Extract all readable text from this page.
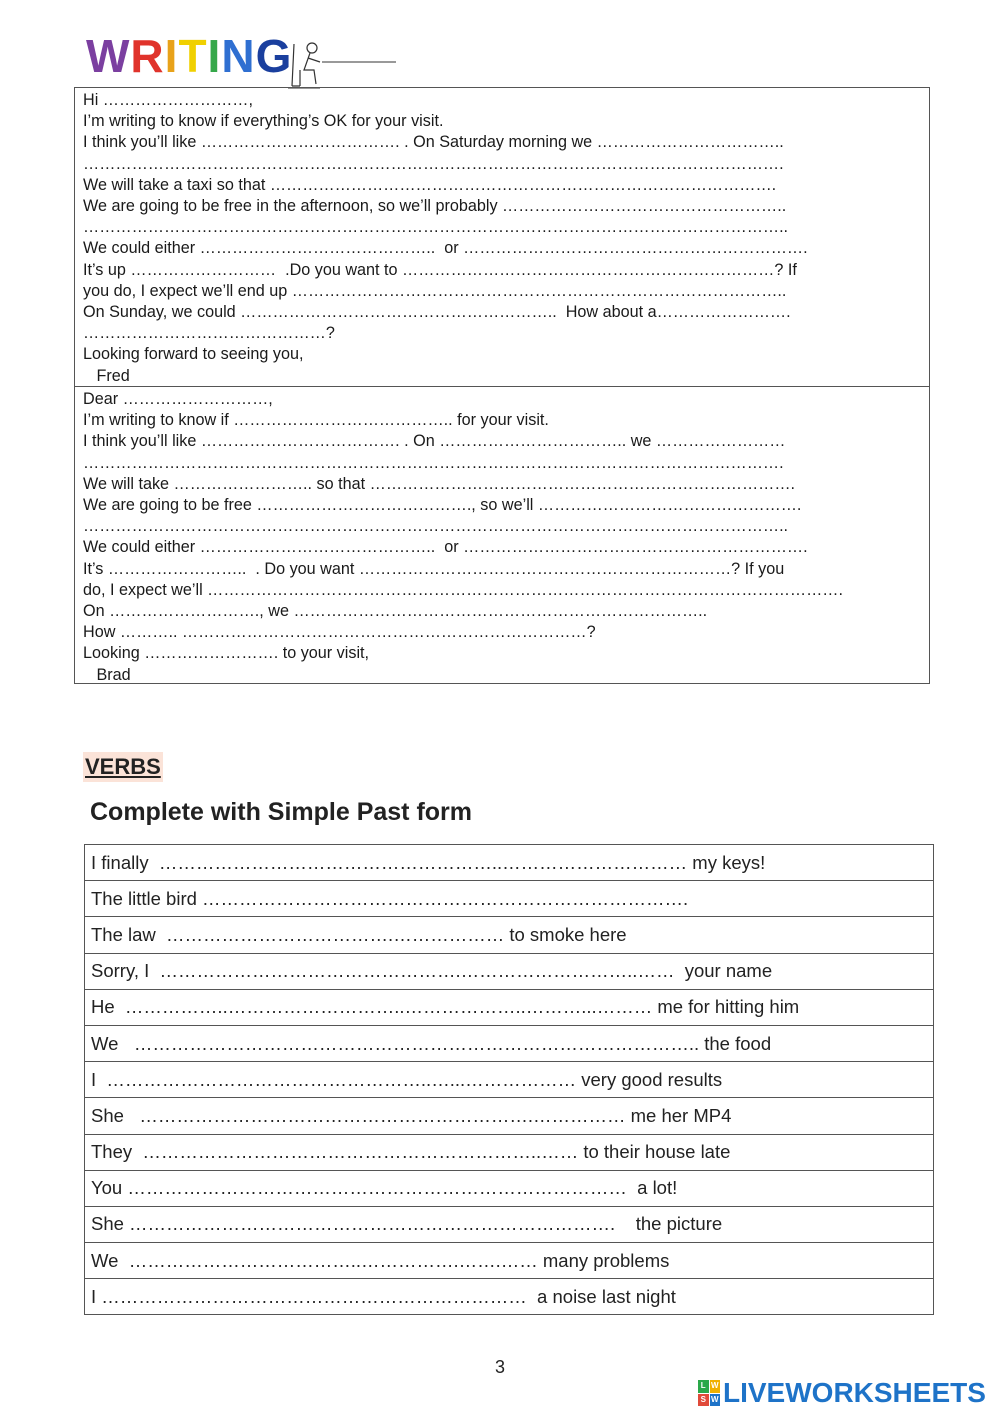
WRITING
Hi ………………………,
I’m writing to know if everything’s OK for your visit.
I think you’ll like ………………………………. . On Saturday morning we ……………………………..
………………………………………………………………………………………………………………….
We will take a taxi so that ………………………………………………………………………………….
We are going to be free in the afternoon, so we’ll probably ……………………………………………..
…………………………………………………………………………………………………………………..
We could either ……………………………………..  or ……………………………………………………….
It’s up ………………………  .Do you want to ……………………………………………………………? If
you do, I expect we’ll end up ………………………………………………………………………………..
On Sunday, we could …………………………………………………..  How about a…………………….
………………………………………?
Looking forward to seeing you,
Fred
Dear ………………………,
I’m writing to know if ………………………………….. for your visit.
I think you’ll like ………………………………. . On …………………………….. we ……………………
………………………………………………………………………………………………………………….
We will take …………………….. so that …………………………………………………………………….
We are going to be free …………………………………., so we’ll ………………………………………….
…………………………………………………………………………………………………………………..
We could either ……………………………………..  or ……………………………………………………….
It’s ……………………..  . Do you want ……………………………………………………………? If you
do, I expect we’ll ……………………………………………………………………………………………………….
On ………………………., we …………………………………………………………………..
How ……….. …………………………………………………………………?
Looking ……………………. to your visit,
Brad
VERBS
Complete with Simple Past form
I finally  ………………………………………………..………………………… my keys!
The little bird …………………………………………………………………….
The law  ……………………………….……………… to smoke here
Sorry, I  ………………………………………….………………………..……  your name
He  ……………..………………………..………………..………...……… me for hitting him
We   ……………………………………………………………………………….. the food
I  ……………………………………………..…...……………… very good results
She   ……………………………………………………….…………… me her MP4
They  ………………………………………………………..…… to their house late
You ………………………………………………………………………  a lot!
She …………………………………………………………………….    the picture
We  ………………………………..…………….…….…… many problems
I ……………………………………………………………  a noise last night
3
L W
S W LIVEWORKSHEETS
